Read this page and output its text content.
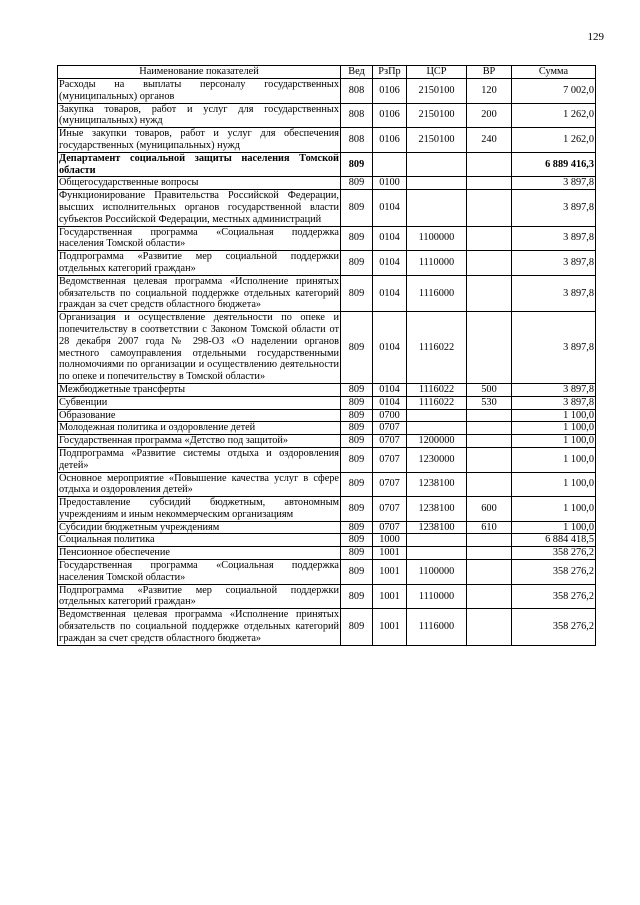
129
Наименование показателей	Вед	РзПр	ЦСР	ВР	Сумма
Расходы на выплаты персоналу государственных (муниципальных) органов	808	0106	2150100	120	7 002,0
Закупка товаров, работ и услуг для государственных (муниципальных) нужд	808	0106	2150100	200	1 262,0
Иные закупки товаров, работ и услуг для обеспечения государственных (муниципальных) нужд	808	0106	2150100	240	1 262,0
Департамент социальной защиты населения Томской области	809				6 889 416,3
Общегосударственные вопросы	809	0100			3 897,8
Функционирование Правительства Российской Федерации, высших исполнительных органов государственной власти субъектов Российской Федерации, местных администраций	809	0104			3 897,8
Государственная программа «Социальная поддержка населения Томской области»	809	0104	1100000		3 897,8
Подпрограмма «Развитие мер социальной поддержки отдельных категорий граждан»	809	0104	1110000		3 897,8
Ведомственная целевая программа «Исполнение принятых обязательств по социальной поддержке отдельных категорий граждан за счет средств областного бюджета»	809	0104	1116000		3 897,8
Организация и осуществление деятельности по опеке и попечительству в соответствии с Законом Томской области от 28 декабря 2007 года № 298-ОЗ «О наделении органов местного самоуправления отдельными государственными полномочиями по организации и осуществлению деятельности по опеке и попечительству в Томской области»	809	0104	1116022		3 897,8
Межбюджетные трансферты	809	0104	1116022	500	3 897,8
Субвенции	809	0104	1116022	530	3 897,8
Образование	809	0700			1 100,0
Молодежная политика и оздоровление детей	809	0707			1 100,0
Государственная программа «Детство под защитой»	809	0707	1200000		1 100,0
Подпрограмма «Развитие системы отдыха и оздоровления детей»	809	0707	1230000		1 100,0
Основное мероприятие «Повышение качества услуг в сфере отдыха и оздоровления детей»	809	0707	1238100		1 100,0
Предоставление субсидий бюджетным, автономным учреждениям и иным некоммерческим организациям	809	0707	1238100	600	1 100,0
Субсидии бюджетным учреждениям	809	0707	1238100	610	1 100,0
Социальная политика	809	1000			6 884 418,5
Пенсионное обеспечение	809	1001			358 276,2
Государственная программа «Социальная поддержка населения Томской области»	809	1001	1100000		358 276,2
Подпрограмма «Развитие мер социальной поддержки отдельных категорий граждан»	809	1001	1110000		358 276,2
Ведомственная целевая программа «Исполнение принятых обязательств по социальной поддержке отдельных категорий граждан за счет средств областного бюджета»	809	1001	1116000		358 276,2
